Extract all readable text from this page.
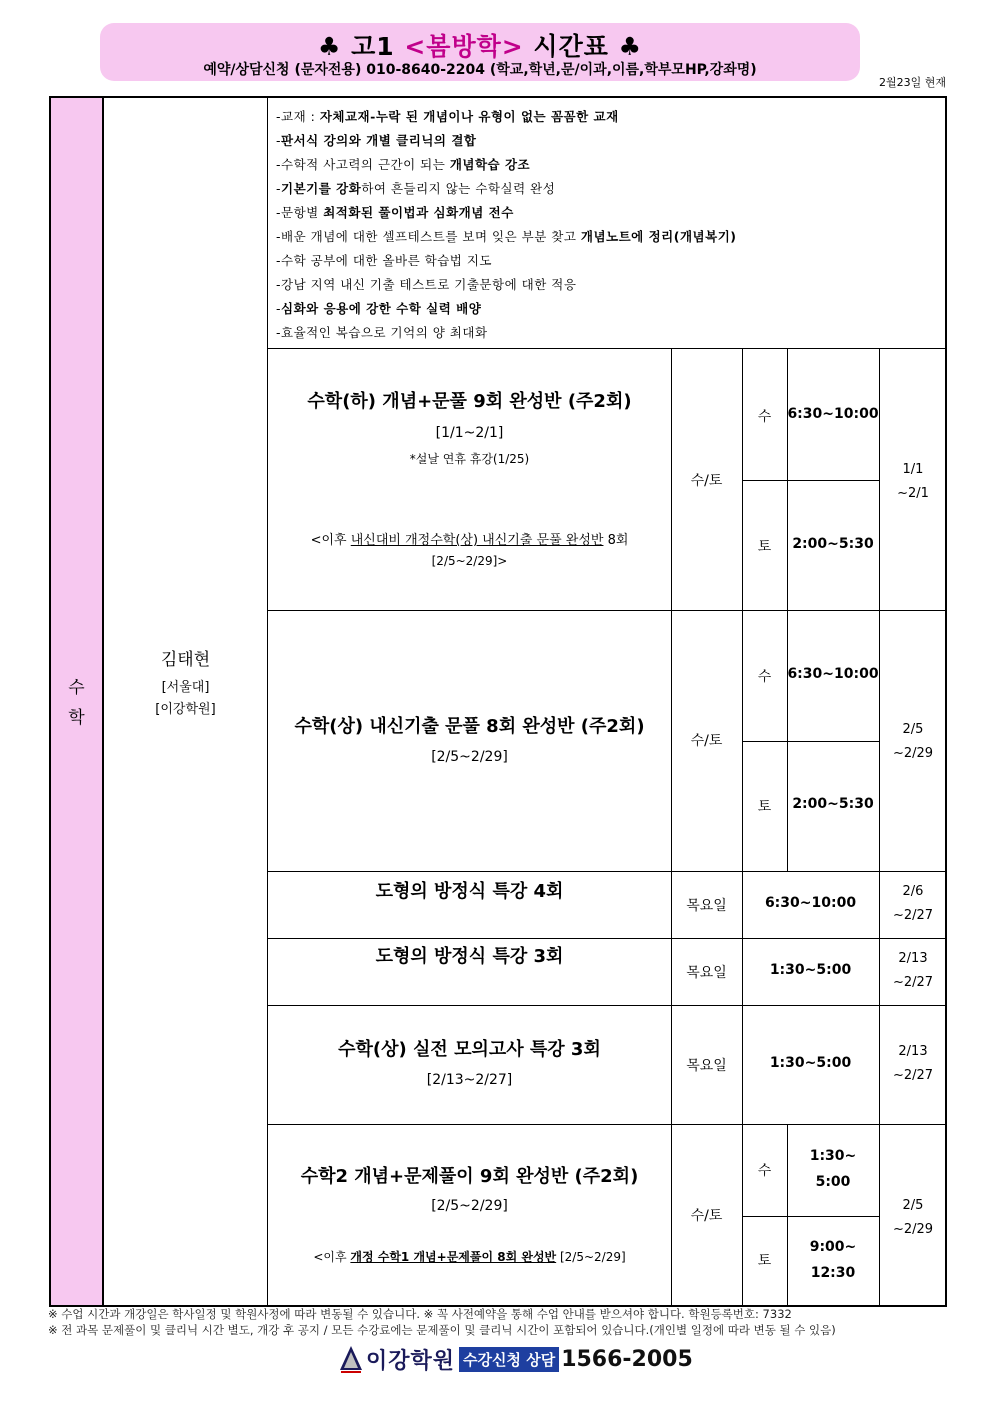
♣ 고1 <봄방학> 시간표 ♣
예약/상담신청 (문자전용) 010-8640-2204 (학교,학년,문/이과,이름,학부모HP,강좌명)
2월23일 현재
수
학
김태현
[서울대]
[이강학원]
-교재 : 자체교재-누락 된 개념이나 유형이 없는 꼼꼼한 교재
-판서식 강의와 개별 클리닉의 결합
-수학적 사고력의 근간이 되는 개념학습 강조
-기본기를 강화하여 흔들리지 않는 수학실력 완성
-문항별 최적화된 풀이법과 심화개념 전수
-배운 개념에 대한 셀프테스트를 보며 잊은 부분 찾고 개념노트에 정리(개념복기)
-수학 공부에 대한 올바른 학습법 지도
-강남 지역 내신 기출 테스트로 기출문항에 대한 적응
-심화와 응용에 강한 수학 실력 배양
-효율적인 복습으로 기억의 양 최대화
수학(하) 개념+문풀 9회 완성반 (주2회)
[1/1~2/1]
*설날 연휴 휴강(1/25)
<이후 내신대비 개정수학(상) 내신기출 문풀 완성반 8회
[2/5~2/29]>
수/토
수	6:30~10:00
토	2:00~5:30
1/1
~2/1
수학(상) 내신기출 문풀 8회 완성반 (주2회)
[2/5~2/29]
수/토
수	6:30~10:00
토	2:00~5:30
2/5
~2/29
도형의 방정식 특강 4회
목요일	6:30~10:00
2/6
~2/27
도형의 방정식 특강 3회
목요일	1:30~5:00
2/13
~2/27
수학(상) 실전 모의고사 특강 3회
[2/13~2/27]
목요일	1:30~5:00
2/13
~2/27
수학2 개념+문제풀이 9회 완성반 (주2회)
[2/5~2/29]
<이후 개정 수학1 개념+문제풀이 8회 완성반 [2/5~2/29]
수/토
수
1:30~
5:00
토
9:00~
12:30
2/5
~2/29
※ 수업 시간과 개강일은 학사일정 및 학원사정에 따라 변동될 수 있습니다. ※ 꼭 사전예약을 통해 수업 안내를 받으셔야 합니다. 학원등록번호: 7332
※ 전 과목 문제풀이 및 클리닉 시간 별도, 개강 후 공지 / 모든 수강료에는 문제풀이 및 클리닉 시간이 포함되어 있습니다.(개인별 일정에 따라 변동 될 수 있음)
이강학원 수강신청 상담 1566-2005
